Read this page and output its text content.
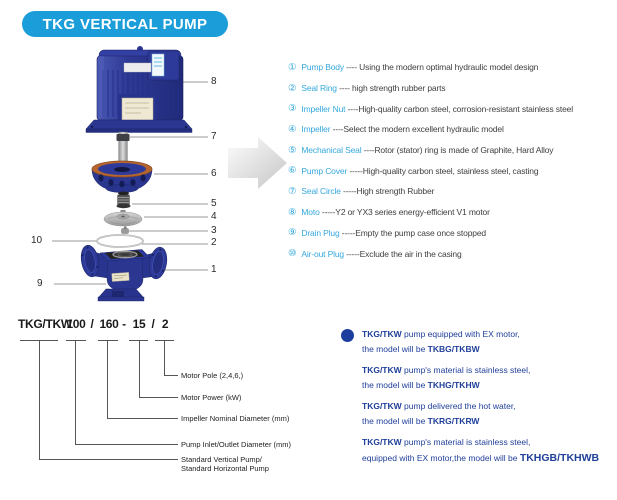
TKG VERTICAL PUMP
8
7
6
5
4
3
2
1
10
9
① Pump Body ---- Using the modern optimal hydraulic model design
② Seal Ring ---- high strength rubber parts
③ Impeller Nut ---- High-quality carbon steel, corrosion-resistant stainless steel
④ Impeller ---- Select the modern excellent hydraulic model
⑤ Mechanical Seal ---- Rotor (stator) ring is made of Graphite, Hard Alloy
⑥ Pump Cover ----- High-quality carbon steel, stainless steel, casting
⑦ Seal Circle ----- High strength Rubber
⑧ Moto ----- Y2 or YX3 series energy-efficient V1 motor
⑨ Drain Plug ----- Empty the pump case once stopped
⑩ Air-out Plug ----- Exclude the air in the casing
TKG/TKW
100 / 160 - 15 / 2
Motor Pole (2,4,6,)
Motor Power (kW)
Impeller Nominal Diameter (mm)
Pump Inlet/Outlet Diameter (mm)
Standard Vertical Pump/
Standard Horizontal Pump
TKG/TKW pump equipped with EX motor,
the model will be TKBG/TKBW
TKG/TKW pump's material is stainless steel,
the model will be TKHG/TKHW
TKG/TKW pump delivered the hot water,
the model will be TKRG/TKRW
TKG/TKW pump's material is stainless steel,
equipped with EX motor,the model will be TKHGB/TKHWB
